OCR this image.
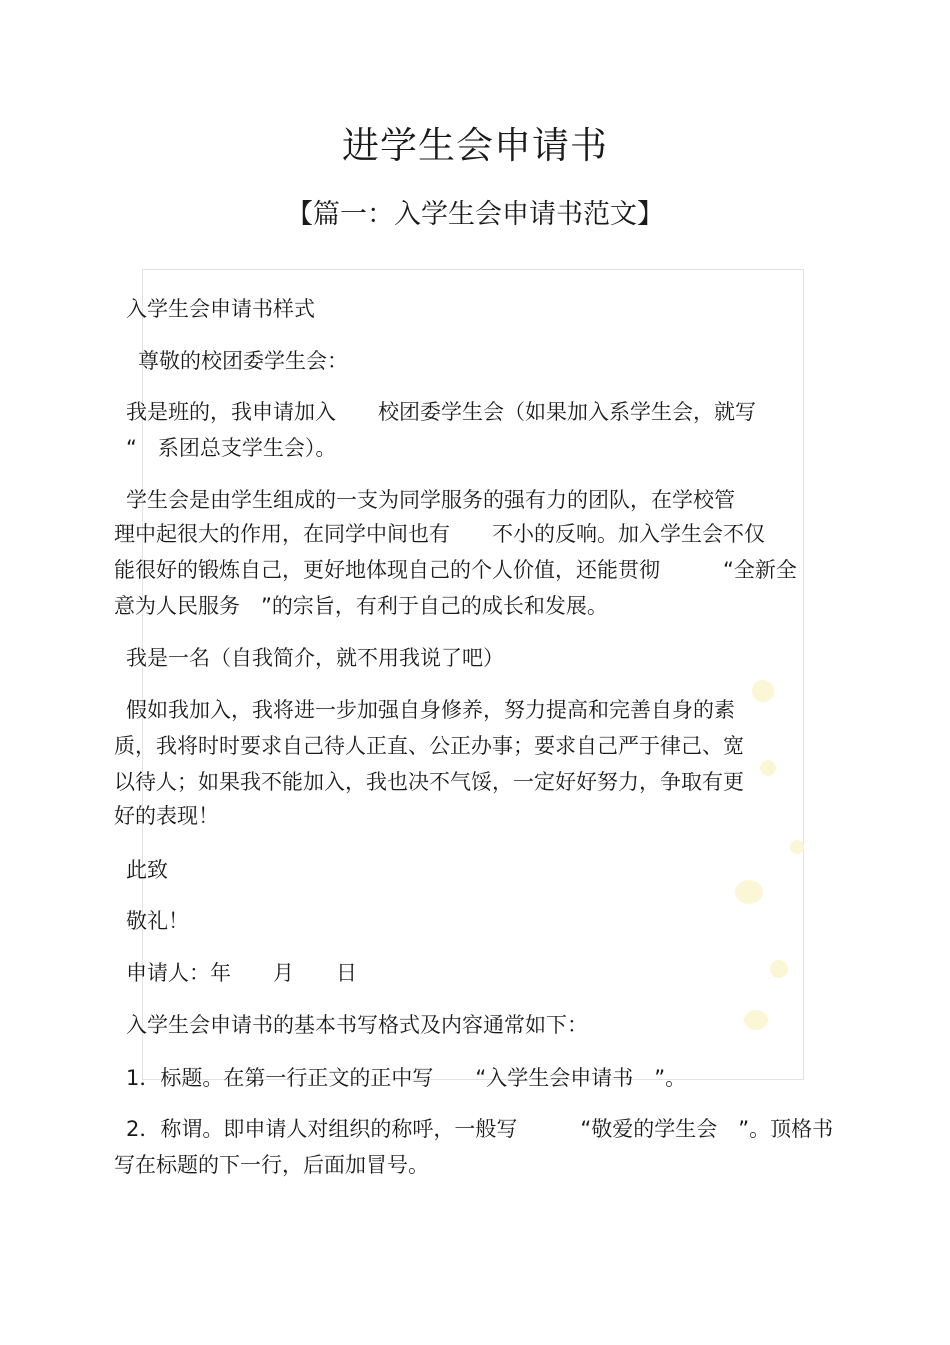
进学生会申请书
【篇一：入学生会申请书范文】
入学生会申请书样式
尊敬的校团委学生会：
我是班的，我申请加入　　校团委学生会（如果加入系学生会，就写
“　系团总支学生会）。
学生会是由学生组成的一支为同学服务的强有力的团队，在学校管
理中起很大的作用，在同学中间也有　　不小的反响。加入学生会不仅
能很好的锻炼自己，更好地体现自己的个人价值，还能贯彻　　　“全新全
意为人民服务　”的宗旨，有利于自己的成长和发展。
我是一名（自我简介，就不用我说了吧）
假如我加入，我将进一步加强自身修养，努力提高和完善自身的素
质，我将时时要求自己待人正直、公正办事；要求自己严于律己、宽
以待人；如果我不能加入，我也决不气馁，一定好好努力，争取有更
好的表现！
此致
敬礼！
申请人：年　　月　　日
入学生会申请书的基本书写格式及内容通常如下：
1．标题。在第一行正文的正中写　　“入学生会申请书　”。
2．称谓。即申请人对组织的称呼，一般写　　　“敬爱的学生会　”。顶格书
写在标题的下一行，后面加冒号。
